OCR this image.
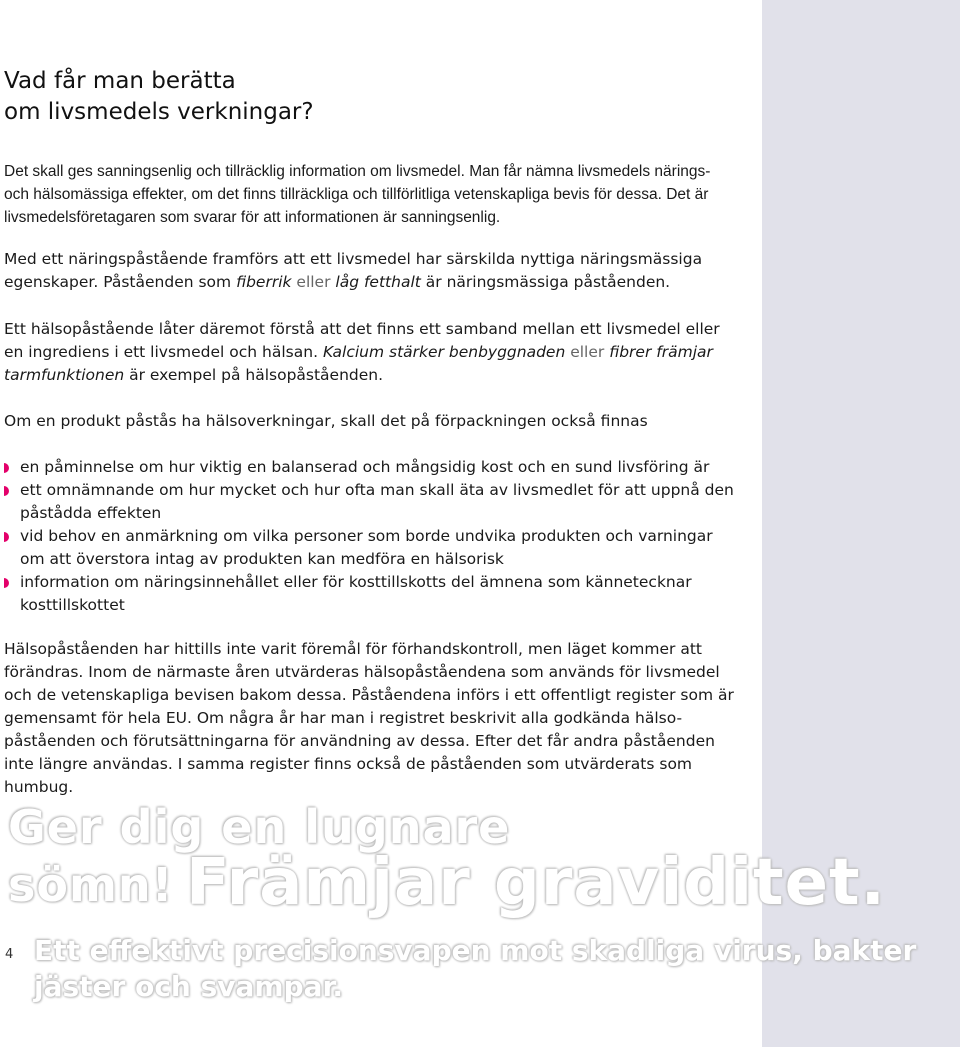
Vad får man berätta
om livsmedels verkningar?

Det skall ges sanningsenlig och tillräcklig information om livsmedel. Man får nämna livsmedels närings- och hälsomässiga effekter, om det finns tillräckliga och tillförlitliga vetenskapliga bevis för dessa. Det är livsmedelsföretagaren som svarar för att informationen är sanningsenlig.

Med ett näringspåstående framförs att ett livsmedel har särskilda nyttiga näringsmässiga egenskaper. Påståenden som fiberrik eller låg fetthalt är näringsmässiga påståenden.

Ett hälsopåstående låter däremot förstå att det finns ett samband mellan ett livsmedel eller en ingrediens i ett livsmedel och hälsan. Kalcium stärker benbyggnaden eller fibrer främjar tarmfunktionen är exempel på hälsopåståenden.

Om en produkt påstås ha hälsoverkningar, skall det på förpackningen också finnas

en påminnelse om hur viktig en balanserad och mångsidig kost och en sund livsföring är
ett omnämnande om hur mycket och hur ofta man skall äta av livsmedlet för att uppnå den påstådda effekten
vid behov en anmärkning om vilka personer som borde undvika produkten och varningar om att överstora intag av produkten kan medföra en hälsorisk
information om näringsinnehållet eller för kosttillskotts del ämnena som kännetecknar kosttillskottet

Hälsopåståenden har hittills inte varit föremål för förhandskontroll, men läget kommer att förändras. Inom de närmaste åren utvärderas hälsopåståendena som används för livsmedel och de vetenskapliga bevisen bakom dessa. Påståendena införs i ett offentligt register som är gemensamt för hela EU. Om några år har man i registret beskrivit alla godkända hälso-påståenden och förutsättningarna för användning av dessa. Efter det får andra påståenden inte längre användas. I samma register finns också de påståenden som utvärderats som humbug.

Ger dig en lugnare
sömn! Främjar graviditet.
Ett effektivt precisionsvapen mot skadliga virus, bakter
jäster och svampar.
4
